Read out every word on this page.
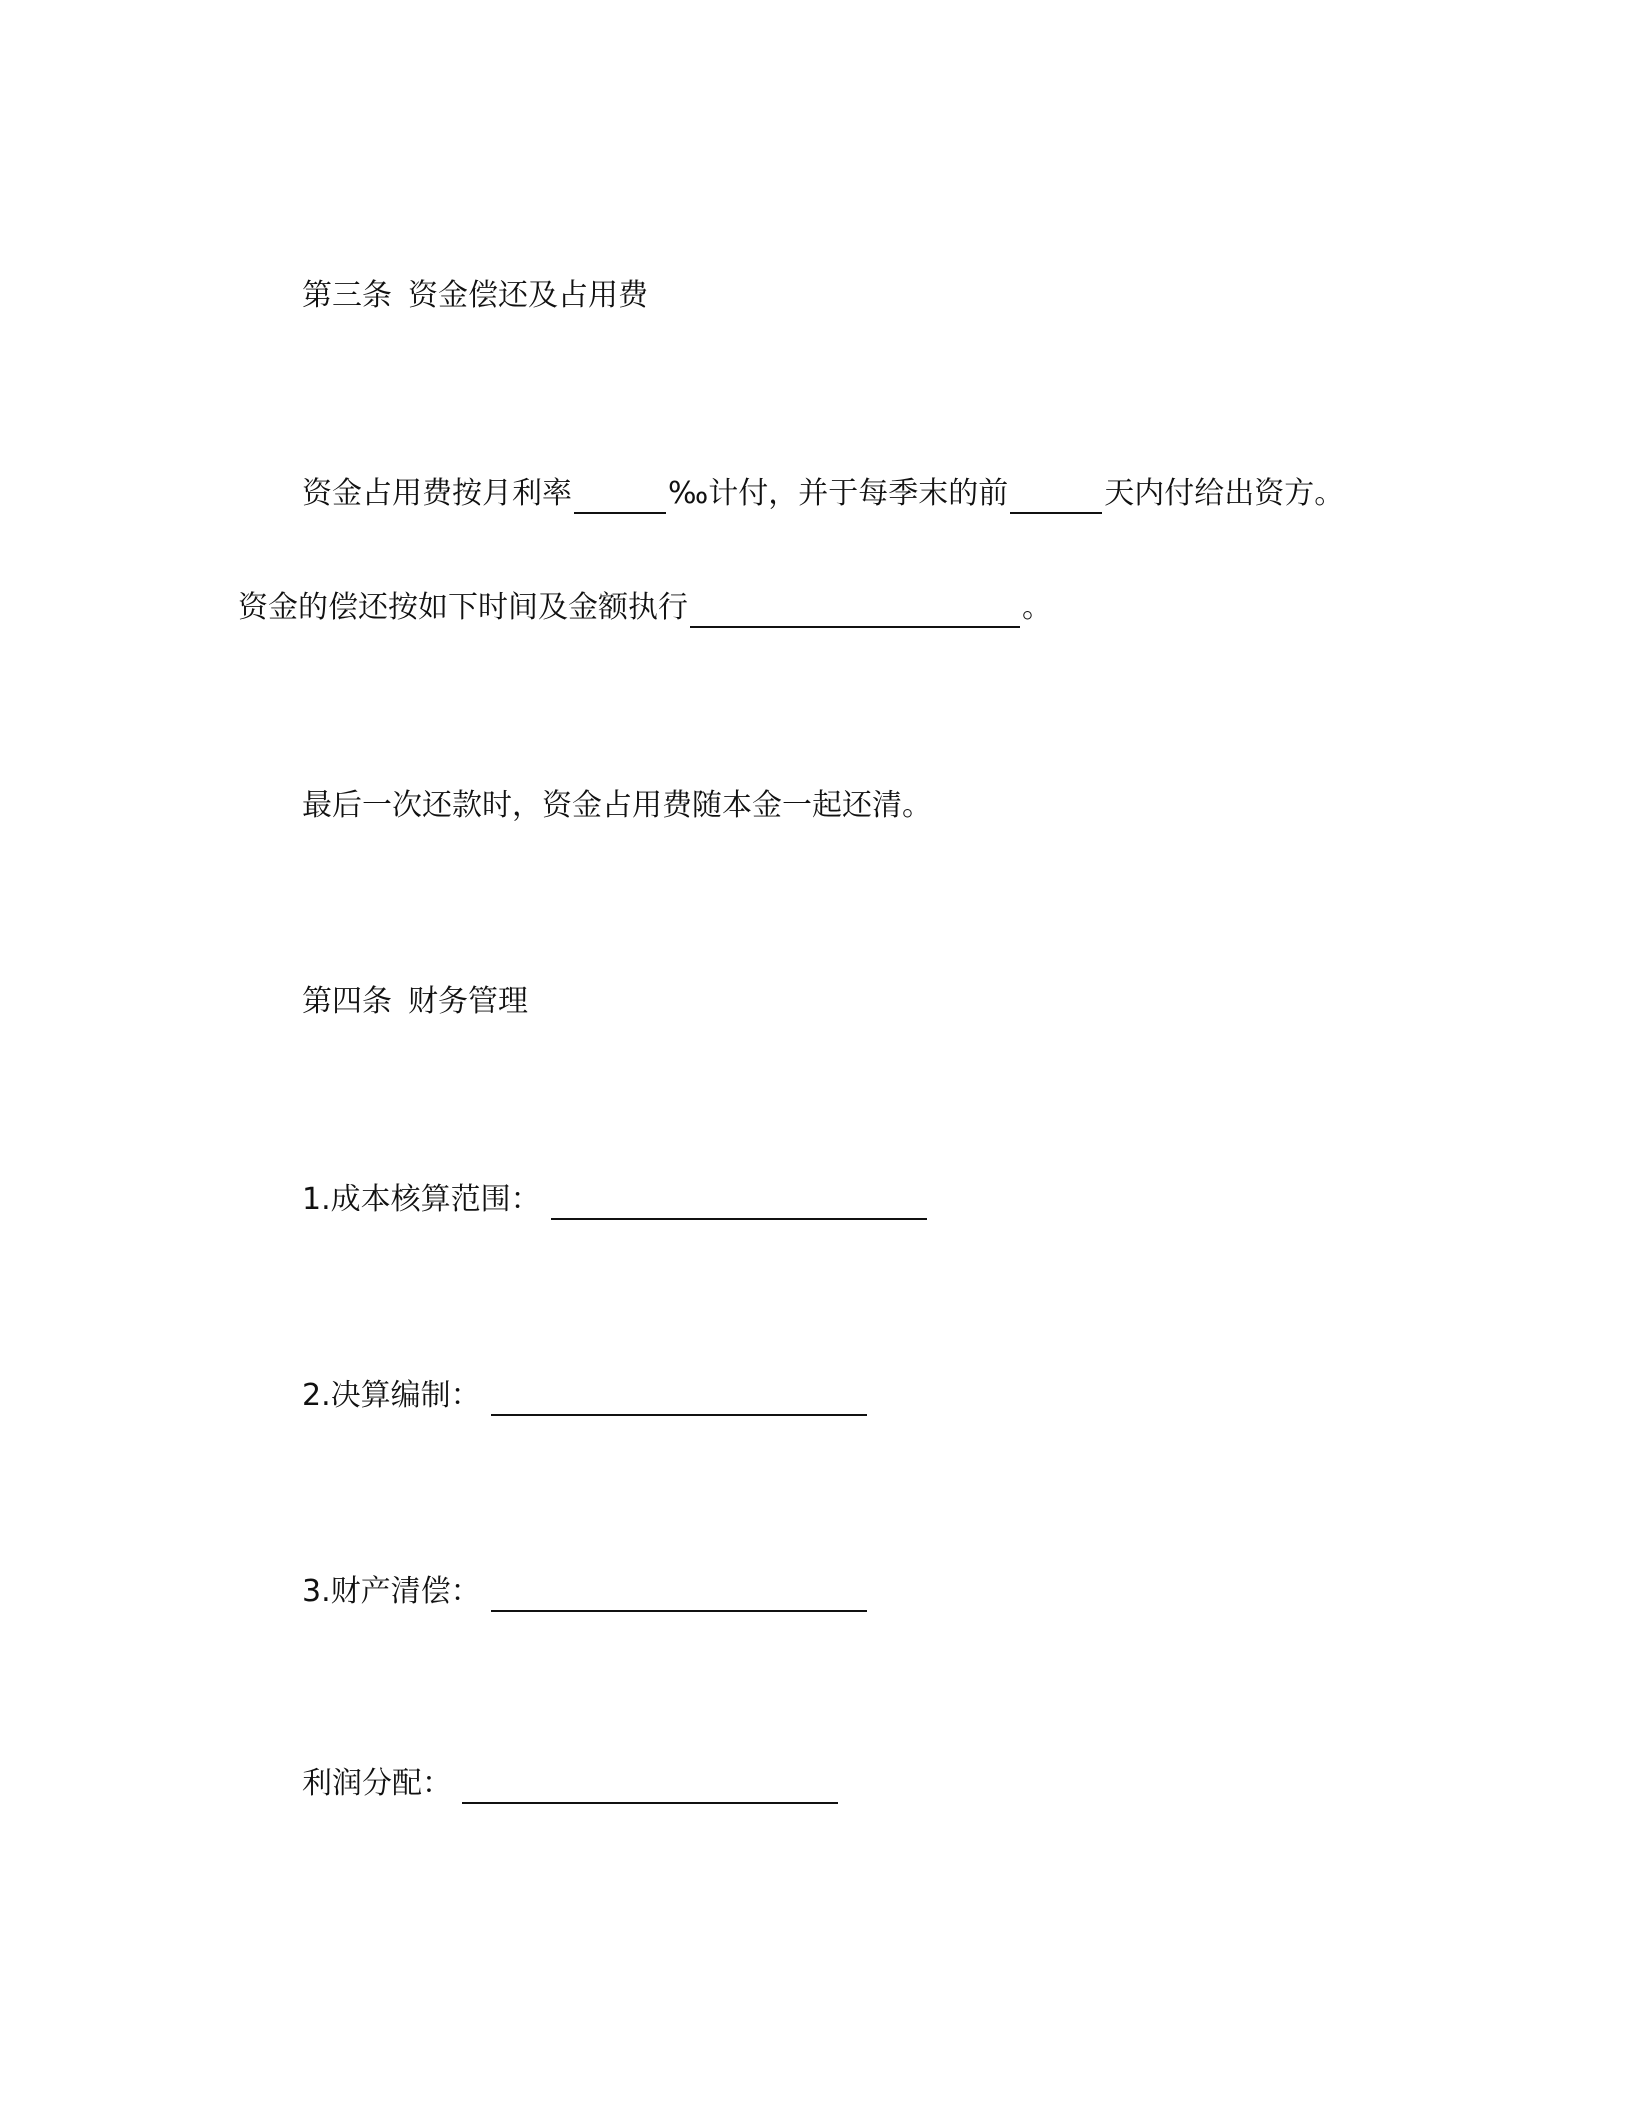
第三条 资金偿还及占用费
资金占用费按月利率	‰计付，并于每季末的前	天内付给出资方。
资金的偿还按如下时间及金额执行	。
最后一次还款时，资金占用费随本金一起还清。
第四条 财务管理
1.成本核算范围：
2.决算编制：
3.财产清偿：
利润分配：
